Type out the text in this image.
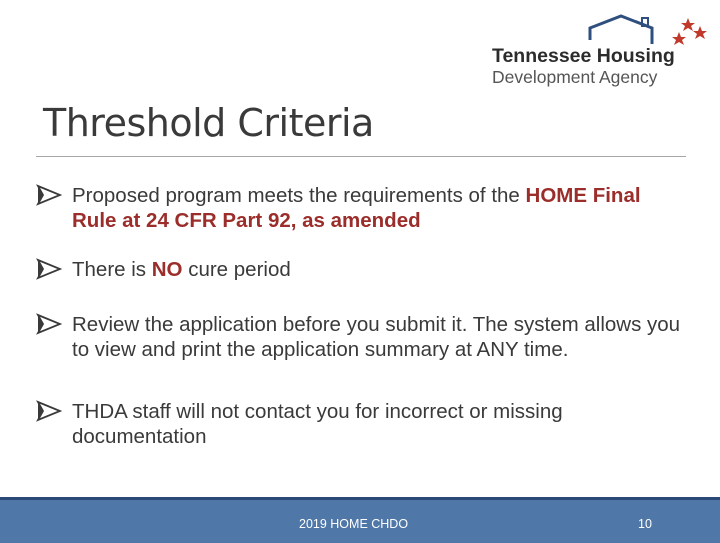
Tennessee Housing
Development Agency
Threshold Criteria
Proposed program meets the requirements of the HOME Final Rule at 24 CFR Part 92, as amended
There is NO cure period
Review the application before you submit it. The system allows you to view and print the application summary at ANY time.
THDA staff will not contact you for incorrect or missing documentation
2019 HOME CHDO	10
